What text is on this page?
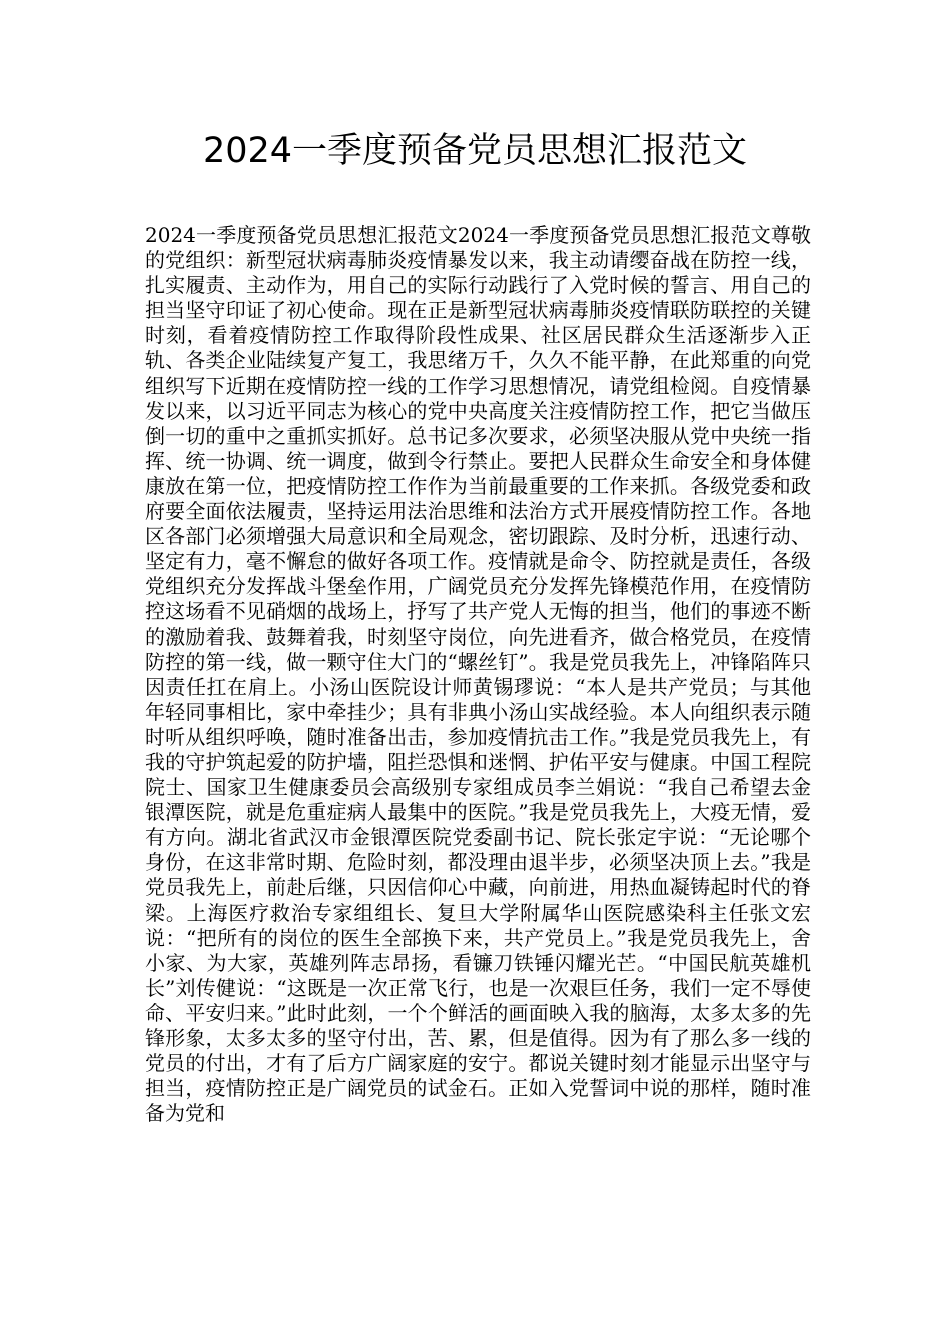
2024一季度预备党员思想汇报范文

2024一季度预备党员思想汇报范文2024一季度预备党员思想汇报范文尊敬的党组织：新型冠状病毒肺炎疫情暴发以来，我主动请缨奋战在防控一线，扎实履责、主动作为，用自己的实际行动践行了入党时候的誓言、用自己的担当坚守印证了初心使命。现在正是新型冠状病毒肺炎疫情联防联控的关键时刻，看着疫情防控工作取得阶段性成果、社区居民群众生活逐渐步入正轨、各类企业陆续复产复工，我思绪万千，久久不能平静，在此郑重的向党组织写下近期在疫情防控一线的工作学习思想情况，请党组检阅。自疫情暴发以来，以习近平同志为核心的党中央高度关注疫情防控工作，把它当做压倒一切的重中之重抓实抓好。总书记多次要求，必须坚决服从党中央统一指挥、统一协调、统一调度，做到令行禁止。要把人民群众生命安全和身体健康放在第一位，把疫情防控工作作为当前最重要的工作来抓。各级党委和政府要全面依法履责，坚持运用法治思维和法治方式开展疫情防控工作。各地区各部门必须增强大局意识和全局观念，密切跟踪、及时分析，迅速行动、坚定有力，毫不懈怠的做好各项工作。疫情就是命令、防控就是责任，各级党组织充分发挥战斗堡垒作用，广阔党员充分发挥先锋模范作用，在疫情防控这场看不见硝烟的战场上，抒写了共产党人无悔的担当，他们的事迹不断的激励着我、鼓舞着我，时刻坚守岗位，向先进看齐，做合格党员，在疫情防控的第一线，做一颗守住大门的“螺丝钉”。我是党员我先上，冲锋陷阵只因责任扛在肩上。小汤山医院设计师黄锡璆说：“本人是共产党员；与其他年轻同事相比，家中牵挂少；具有非典小汤山实战经验。本人向组织表示随时听从组织呼唤，随时准备出击，参加疫情抗击工作。”我是党员我先上，有我的守护筑起爱的防护墙，阻拦恐惧和迷惘、护佑平安与健康。中国工程院院士、国家卫生健康委员会高级别专家组成员李兰娟说：“我自己希望去金银潭医院，就是危重症病人最集中的医院。”我是党员我先上，大疫无情，爱有方向。湖北省武汉市金银潭医院党委副书记、院长张定宇说：“无论哪个身份，在这非常时期、危险时刻，都没理由退半步，必须坚决顶上去。”我是党员我先上，前赴后继，只因信仰心中藏，向前进，用热血凝铸起时代的脊梁。上海医疗救治专家组组长、复旦大学附属华山医院感染科主任张文宏说：“把所有的岗位的医生全部换下来，共产党员上。”我是党员我先上，舍小家、为大家，英雄列阵志昂扬，看镰刀铁锤闪耀光芒。“中国民航英雄机长”刘传健说：“这既是一次正常飞行，也是一次艰巨任务，我们一定不辱使命、平安归来。”此时此刻，一个个鲜活的画面映入我的脑海，太多太多的先锋形象，太多太多的坚守付出，苦、累，但是值得。因为有了那么多一线的党员的付出，才有了后方广阔家庭的安宁。都说关键时刻才能显示出坚守与担当，疫情防控正是广阔党员的试金石。正如入党誓词中说的那样，随时准备为党和
